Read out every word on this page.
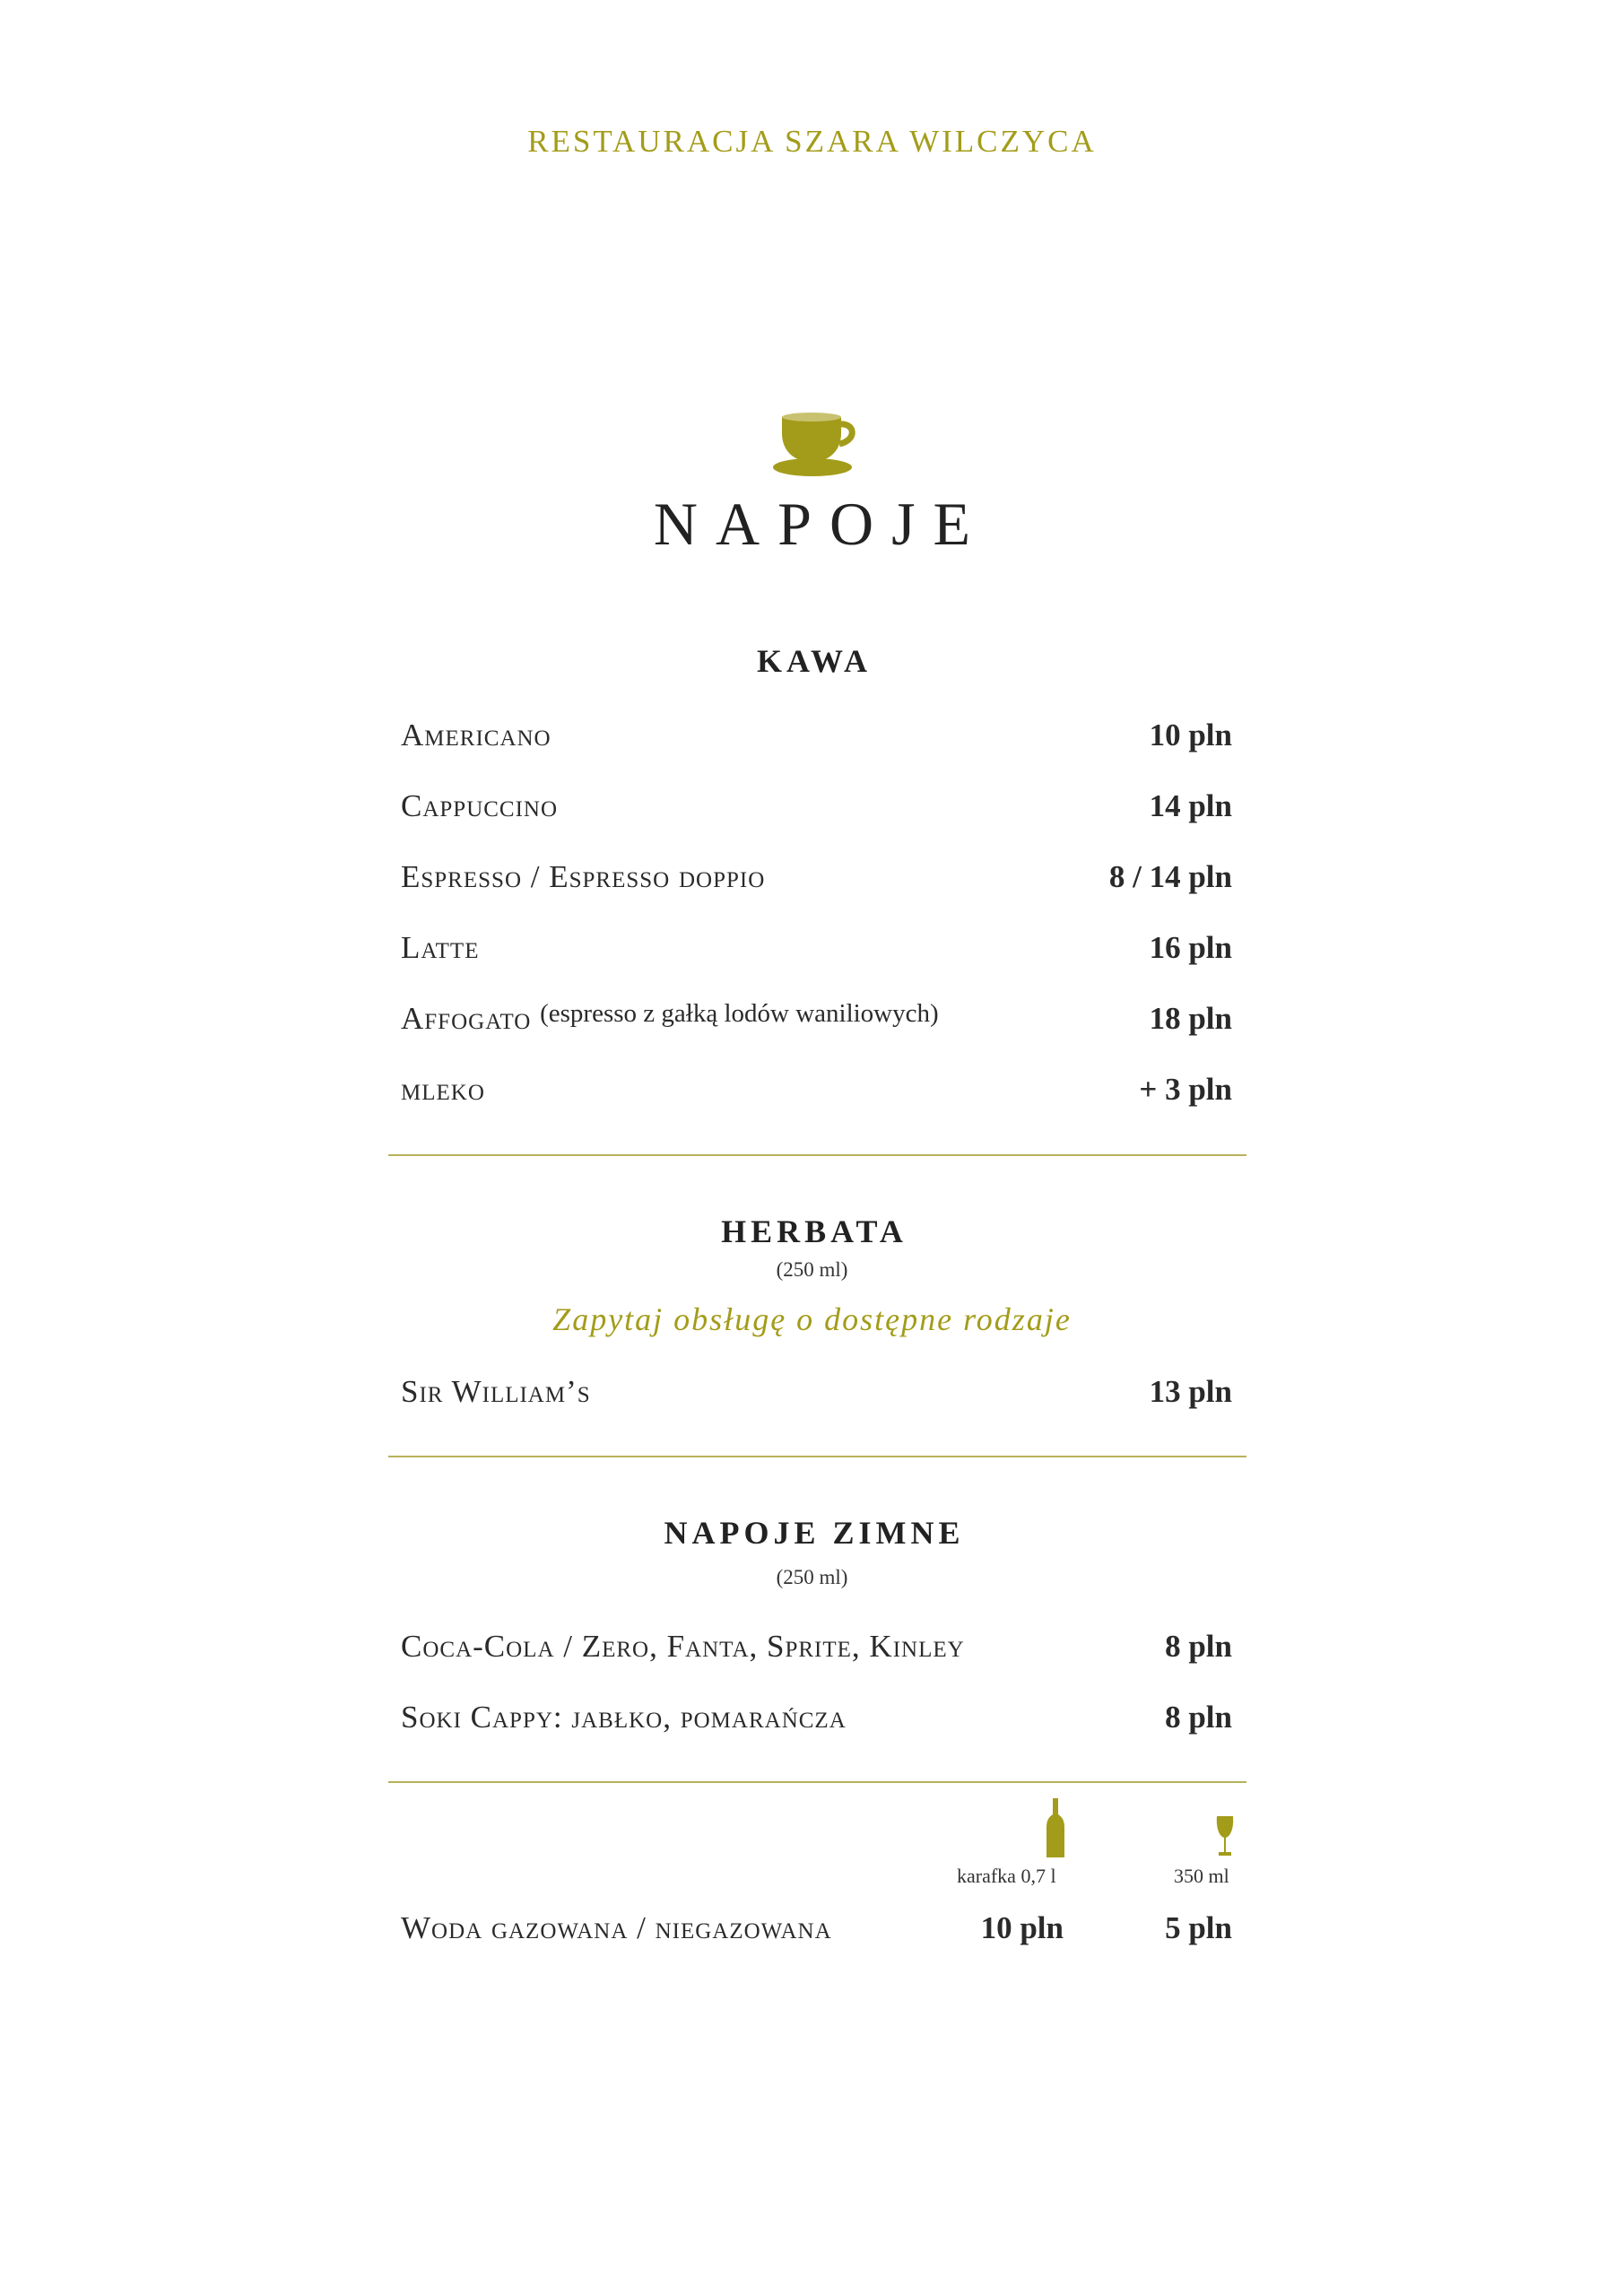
RESTAURACJA SZARA WILCZYCA
NAPOJE
KAWA
Americano	10 pln
Cappuccino	14 pln
Espresso / Espresso doppio	8 / 14 pln
Latte	16 pln
Affogato $^{(espresso z gałką lodów waniliowych)}$	18 pln
mleko	+ 3 pln
HERBATA
(250 ml)
Zapytaj obsługę o dostępne rodzaje
Sir William’s	13 pln
NAPOJE ZIMNE
(250 ml)
Coca-Cola / Zero, Fanta, Sprite, Kinley	8 pln
Soki Cappy: jabłko, pomarańcza	8 pln
karafka 0,7 l	350 ml
Woda gazowana / niegazowana	10 pln	5 pln
